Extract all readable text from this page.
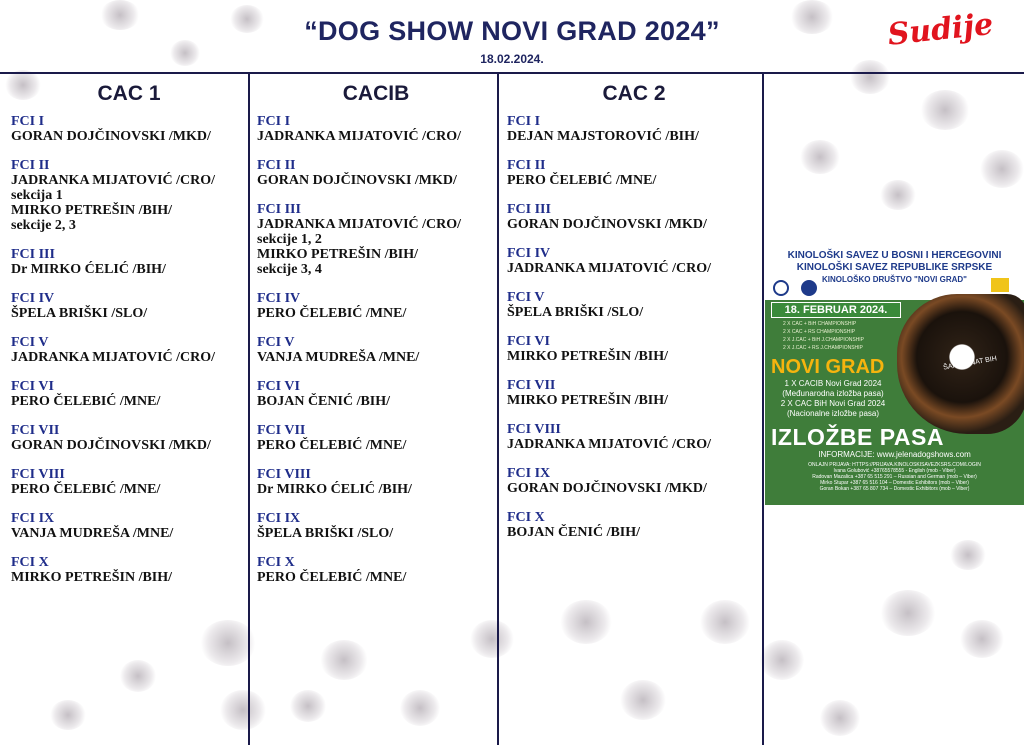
“DOG SHOW NOVI GRAD 2024”
18.02.2024.
Sudije
CAC 1
FCI I
GORAN DOJČINOVSKI /MKD/
FCI II
JADRANKA MIJATOVIĆ /CRO/
sekcija 1
MIRKO PETREŠIN /BIH/
sekcije 2, 3
FCI III
Dr MIRKO ĆELIĆ /BIH/
FCI IV
ŠPELA BRIŠKI /SLO/
FCI V
JADRANKA MIJATOVIĆ /CRO/
FCI VI
PERO ČELEBIĆ /MNE/
FCI VII
GORAN DOJČINOVSKI /MKD/
FCI VIII
PERO ČELEBIĆ /MNE/
FCI IX
VANJA MUDREŠA /MNE/
FCI X
MIRKO PETREŠIN /BIH/
CACIB
FCI I
JADRANKA MIJATOVIĆ /CRO/
FCI II
GORAN DOJČINOVSKI /MKD/
FCI III
JADRANKA MIJATOVIĆ /CRO/
sekcije 1, 2
MIRKO PETREŠIN /BIH/
sekcije 3, 4
FCI IV
PERO ČELEBIĆ /MNE/
FCI V
VANJA MUDREŠA /MNE/
FCI VI
BOJAN ČENIĆ /BIH/
FCI VII
PERO ČELEBIĆ /MNE/
FCI VIII
Dr MIRKO ĆELIĆ /BIH/
FCI IX
ŠPELA BRIŠKI /SLO/
FCI X
PERO ČELEBIĆ /MNE/
CAC 2
FCI I
DEJAN MAJSTOROVIĆ /BIH/
FCI II
PERO ČELEBIĆ /MNE/
FCI III
GORAN DOJČINOVSKI /MKD/
FCI IV
JADRANKA MIJATOVIĆ /CRO/
FCI V
ŠPELA BRIŠKI /SLO/
FCI VI
MIRKO PETREŠIN /BIH/
FCI VII
MIRKO PETREŠIN /BIH/
FCI VIII
JADRANKA MIJATOVIĆ /CRO/
FCI IX
GORAN DOJČINOVSKI /MKD/
FCI X
BOJAN ČENIĆ /BIH/
KINOLOŠKI SAVEZ U BOSNI I HERCEGOVINI
KINOLOŠKI SAVEZ REPUBLIKE SRPSKE
KINOLOŠKO DRUŠTVO "NOVI GRAD"
18. FEBRUAR 2024.
2 X CAC + BiH CHAMPIONSHIP
2 X CAC + RS CHAMPIONSHIP
2 X J.CAC + BiH J.CHAMPIONSHIP
2 X J.CAC + RS J.CHAMPIONSHIP
NOVI GRAD
1 X CACIB Novi Grad 2024
(Međunarodna izložba pasa)
2 X CAC BiH Novi Grad 2024
(Nacionalne izložbe pasa)
ŠAMPIONAT BIH
IZLOŽBE PASA
INFORMACIJE: www.jelenadogshows.com
ONLAJN PRIJAVA: HTTPS://PRIJAVA.KINOLOSKISAVEZKSRS.COM/LOGIN
Ivana Golubović +38765578555 - English (mob - Viber)
Radovan Mazalica +387 65 515 291 – Russian and German (mob – Viber)
Mirko Stupar +387 65 516 104 – Domestic Exhibitors (mob – Viber)
Goran Bokan +387 65 807 734 – Domestic Exhibitors (mob – Viber)
